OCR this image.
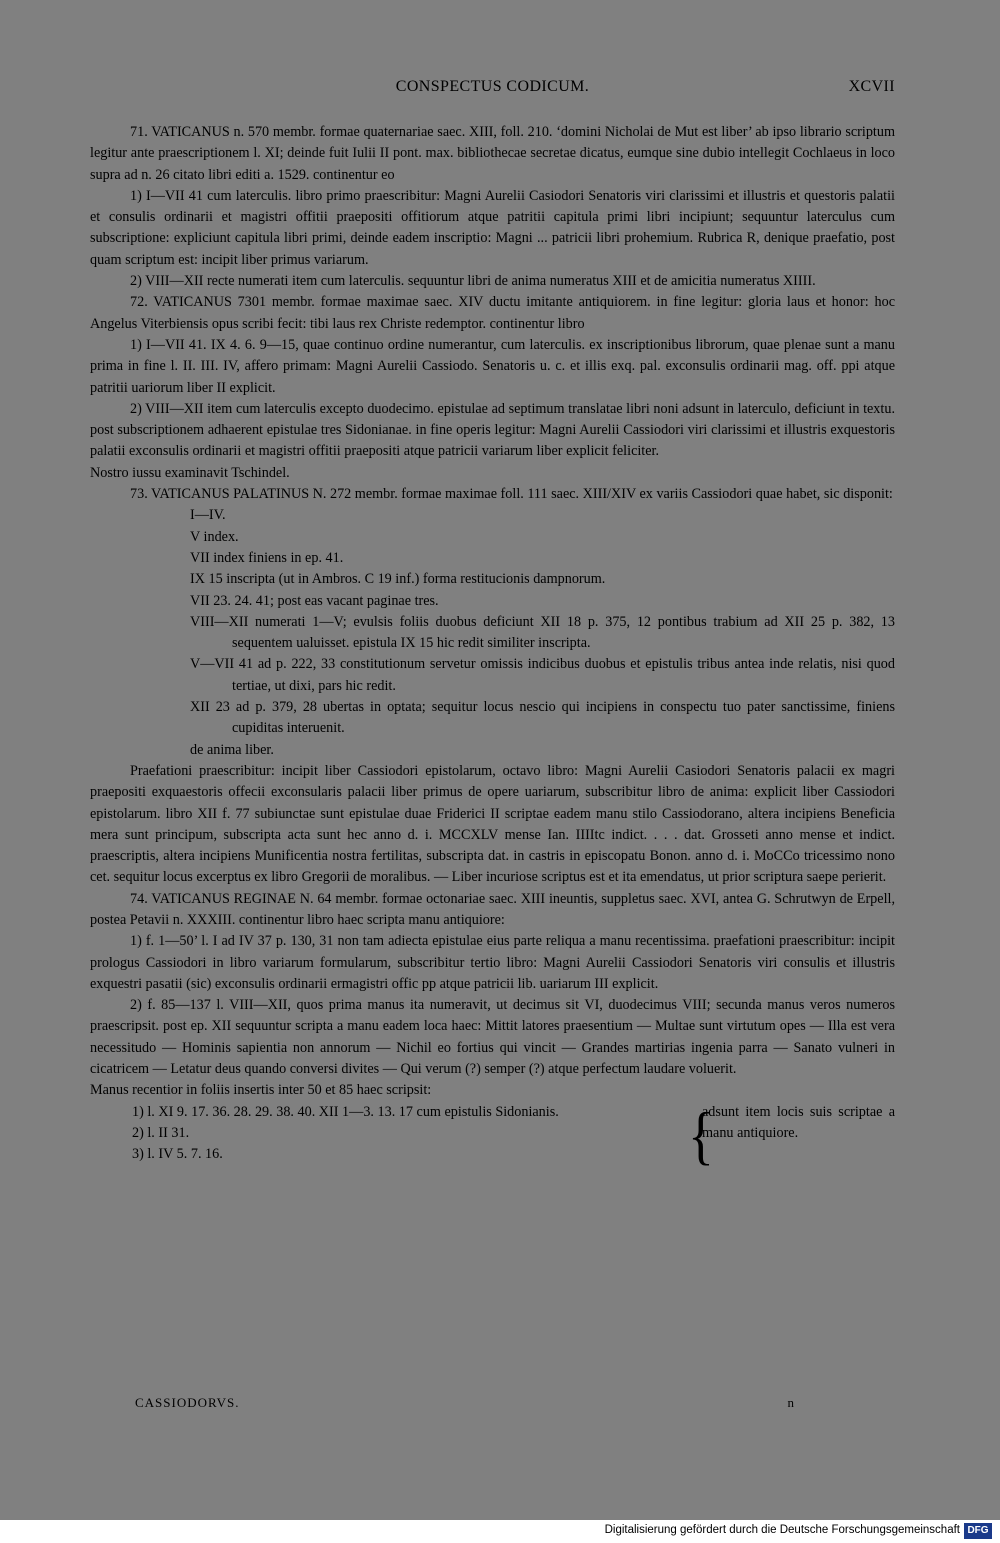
CONSPECTUS CODICUM.	XCVII

71. VATICANUS n. 570 membr. formae quaternariae saec. XIII, foll. 210. ‘domini Nicholai de Mut est liber’ ab ipso librario scriptum legitur ante praescriptionem l. XI; deinde fuit Iulii II pont. max. bibliothecae secretae dicatus, eumque sine dubio intellegit Cochlaeus in loco supra ad n. 26 citato libri editi a. 1529. continentur eo

1) I—VII 41 cum laterculis. libro primo praescribitur: Magni Aurelii Casiodori Senatoris viri clarissimi et illustris et questoris palatii et consulis ordinarii et magistri offitii praepositi offitiorum atque patritii capitula primi libri incipiunt; sequuntur laterculus cum subscriptione: expliciunt capitula libri primi, deinde eadem inscriptio: Magni ... patricii libri prohemium. Rubrica R, denique praefatio, post quam scriptum est: incipit liber primus variarum.

2) VIII—XII recte numerati item cum laterculis. sequuntur libri de anima numeratus XIII et de amicitia numeratus XIIII.

72. VATICANUS 7301 membr. formae maximae saec. XIV ductu imitante antiquiorem. in fine legitur: gloria laus et honor: hoc Angelus Viterbiensis opus scribi fecit: tibi laus rex Christe redemptor. continentur libro

1) I—VII 41. IX 4. 6. 9—15, quae continuo ordine numerantur, cum laterculis. ex inscriptionibus librorum, quae plenae sunt a manu prima in fine l. II. III. IV, affero primam: Magni Aurelii Cassiodo. Senatoris u. c. et illis exq. pal. exconsulis ordinarii mag. off. ppi atque patritii uariorum liber II explicit.

2) VIII—XII item cum laterculis excepto duodecimo. epistulae ad septimum translatae libri noni adsunt in laterculo, deficiunt in textu. post subscriptionem adhaerent epistulae tres Sidonianae. in fine operis legitur: Magni Aurelii Cassiodori viri clarissimi et illustris exquestoris palatii exconsulis ordinarii et magistri offitii praepositi atque patricii variarum liber explicit feliciter.

Nostro iussu examinavit Tschindel.

73. VATICANUS PALATINUS N. 272 membr. formae maximae foll. 111 saec. XIII/XIV ex variis Cassiodori quae habet, sic disponit:

I—IV.
V index.
VII index finiens in ep. 41.
IX 15 inscripta (ut in Ambros. C 19 inf.) forma restitucionis dampnorum.
VII 23. 24. 41; post eas vacant paginae tres.
VIII—XII numerati 1—V; evulsis foliis duobus deficiunt XII 18 p. 375, 12 pontibus trabium ad XII 25 p. 382, 13 sequentem ualuisset. epistula IX 15 hic redit similiter inscripta.
V—VII 41 ad p. 222, 33 constitutionum servetur omissis indicibus duobus et epistulis tribus antea inde relatis, nisi quod tertiae, ut dixi, pars hic redit.
XII 23 ad p. 379, 28 ubertas in optata; sequitur locus nescio qui incipiens in conspectu tuo pater sanctissime, finiens cupiditas interuenit.
de anima liber.

Praefationi praescribitur: incipit liber Cassiodori epistolarum, octavo libro: Magni Aurelii Casiodori Senatoris palacii ex magri praepositi exquaestoris offecii exconsularis palacii liber primus de opere uariarum, subscribitur libro de anima: explicit liber Cassiodori epistolarum. libro XII f. 77 subiunctae sunt epistulae duae Friderici II scriptae eadem manu stilo Cassiodorano, altera incipiens Beneficia mera sunt principum, subscripta acta sunt hec anno d. i. MCCXLV mense Ian. IIIItc indict. . . . dat. Grosseti anno mense et indict. praescriptis, altera incipiens Munificentia nostra fertilitas, subscripta dat. in castris in episcopatu Bonon. anno d. i. MoCCo tricessimo nono cet. sequitur locus excerptus ex libro Gregorii de moralibus. — Liber incuriose scriptus est et ita emendatus, ut prior scriptura saepe perierit.

74. VATICANUS REGINAE N. 64 membr. formae octonariae saec. XIII ineuntis, suppletus saec. XVI, antea G. Schrutwyn de Erpell, postea Petavii n. XXXIII. continentur libro haec scripta manu antiquiore:

1) f. 1—50’ l. I ad IV 37 p. 130, 31 non tam adiecta epistulae eius parte reliqua a manu recentissima. praefationi praescribitur: incipit prologus Cassiodori in libro variarum formularum, subscribitur tertio libro: Magni Aurelii Cassiodori Senatoris viri consulis et illustris exquestri pasatii (sic) exconsulis ordinarii ermagistri offic pp atque patricii lib. uariarum III explicit.

2) f. 85—137 l. VIII—XII, quos prima manus ita numeravit, ut decimus sit VI, duodecimus VIII; secunda manus veros numeros praescripsit. post ep. XII sequuntur scripta a manu eadem loca haec: Mittit latores praesentium — Multae sunt virtutum opes — Illa est vera necessitudo — Hominis sapientia non annorum — Nichil eo fortius qui vincit — Grandes martirias ingenia parra — Sanato vulneri in cicatricem — Letatur deus quando conversi divites — Qui verum (?) semper (?) atque perfectum laudare voluerit.

Manus recentior in foliis insertis inter 50 et 85 haec scripsit:

1) l. XI 9. 17. 36. 28. 29. 38. 40. XII 1—3. 13. 17 cum epistulis Sidonianis.
2) l. II 31.
3) l. IV 5. 7. 16.	{
adsunt item locis suis scriptae a manu antiquiore.
CASSIODORVS.	n
Digitalisierung gefördert durch die Deutsche Forschungsgemeinschaft DFG
